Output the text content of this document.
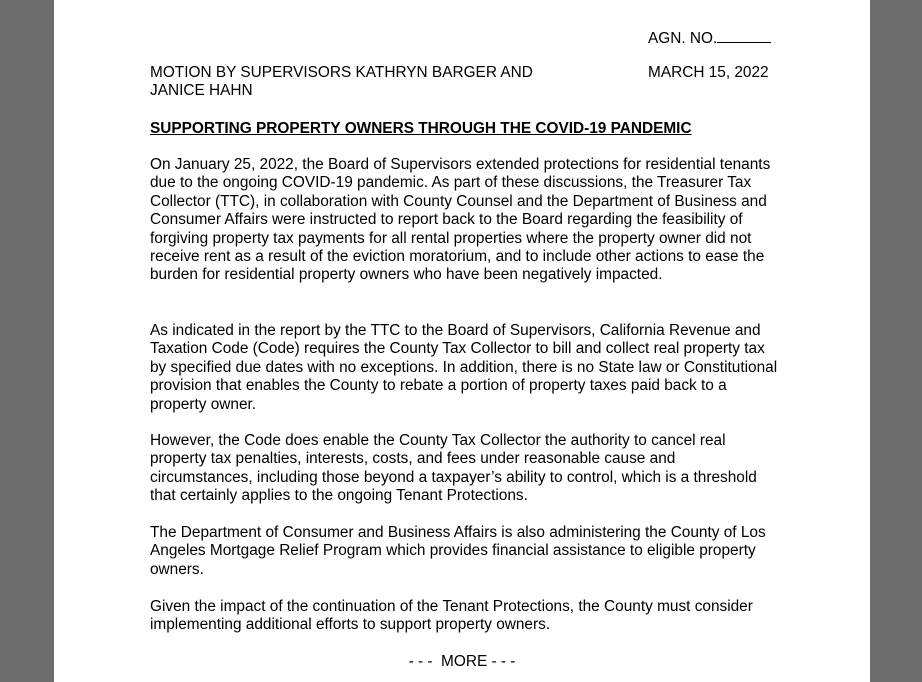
AGN. NO.
MOTION BY SUPERVISORS KATHRYN BARGER AND JANICE HAHN
MARCH 15, 2022
SUPPORTING PROPERTY OWNERS THROUGH THE COVID-19 PANDEMIC

On January 25, 2022, the Board of Supervisors extended protections for residential tenants due to the ongoing COVID-19 pandemic. As part of these discussions, the Treasurer Tax Collector (TTC), in collaboration with County Counsel and the Department of Business and Consumer Affairs were instructed to report back to the Board regarding the feasibility of forgiving property tax payments for all rental properties where the property owner did not receive rent as a result of the eviction moratorium, and to include other actions to ease the burden for residential property owners who have been negatively impacted.

As indicated in the report by the TTC to the Board of Supervisors, California Revenue and Taxation Code (Code) requires the County Tax Collector to bill and collect real property tax by specified due dates with no exceptions. In addition, there is no State law or Constitutional provision that enables the County to rebate a portion of property taxes paid back to a property owner.

However, the Code does enable the County Tax Collector the authority to cancel real property tax penalties, interests, costs, and fees under reasonable cause and circumstances, including those beyond a taxpayer’s ability to control, which is a threshold that certainly applies to the ongoing Tenant Protections.

The Department of Consumer and Business Affairs is also administering the County of Los Angeles Mortgage Relief Program which provides financial assistance to eligible property owners.

Given the impact of the continuation of the Tenant Protections, the County must consider implementing additional efforts to support property owners.

- - -  MORE - - -
